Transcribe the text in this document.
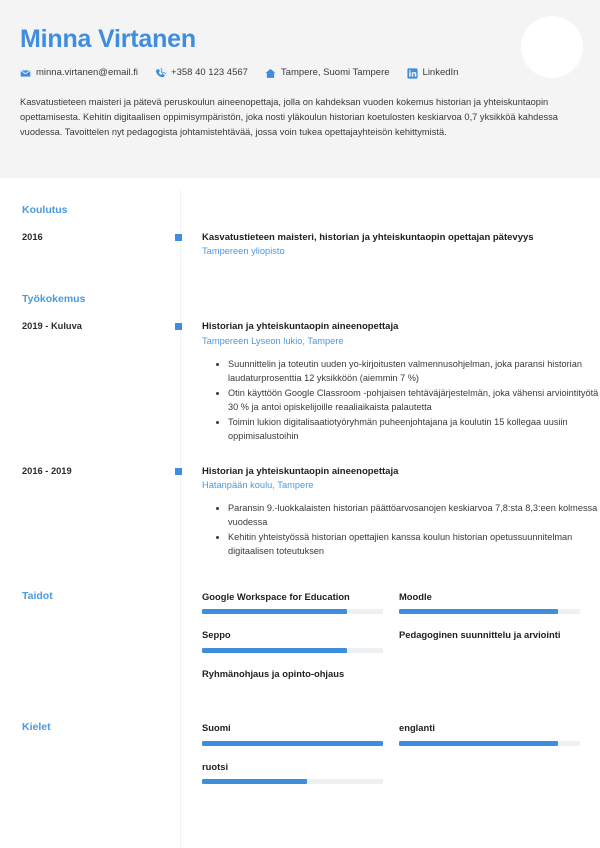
Minna Virtanen
minna.virtanen@email.fi	+358 40 123 4567	Tampere, Suomi Tampere	LinkedIn

Kasvatustieteen maisteri ja pätevä peruskoulun aineenopettaja, jolla on kahdeksan vuoden kokemus historian ja yhteiskuntaopin opettamisesta. Kehitin digitaalisen oppimisympäristön, joka nosti yläkoulun historian koetulosten keskiarvoa 0,7 yksikköä kahdessa vuodessa. Tavoittelen nyt pedagogista johtamistehtävää, jossa voin tukea opettajayhteisön kehittymistä.

Koulutus
2016	Kasvatustieteen maisteri, historian ja yhteiskuntaopin opettajan pätevyys
Tampereen yliopisto
Työkokemus
2019 - Kuluva	Historian ja yhteiskuntaopin aineenopettaja
Tampereen Lyseon lukio, Tampere
• Suunnittelin ja toteutin uuden yo-kirjoitusten valmennusohjelman, joka paransi historian laudaturprosenttia 12 yksikköön (aiemmin 7 %)
• Otin käyttöön Google Classroom -pohjaisen tehtäväjärjestelmän, joka vähensi arviointityötä 30 % ja antoi opiskelijoille reaaliaikaista palautetta
• Toimin lukion digitalisaatiotyöryhmän puheenjohtajana ja koulutin 15 kollegaa uusiin oppimisalustoihin
2016 - 2019	Historian ja yhteiskuntaopin aineenopettaja
Hatanpään koulu, Tampere
• Paransin 9.-luokkalaisten historian päättöarvosanojen keskiarvoa 7,8:sta 8,3:een kolmessa vuodessa
• Kehitin yhteistyössä historian opettajien kanssa koulun historian opetussuunnitelman digitaalisen toteutuksen
Taidot	Google Workspace for Education	Moodle
Seppo	Pedagoginen suunnittelu ja arviointi
Ryhmänohjaus ja opinto-ohjaus
Kielet	Suomi	englanti
ruotsi
